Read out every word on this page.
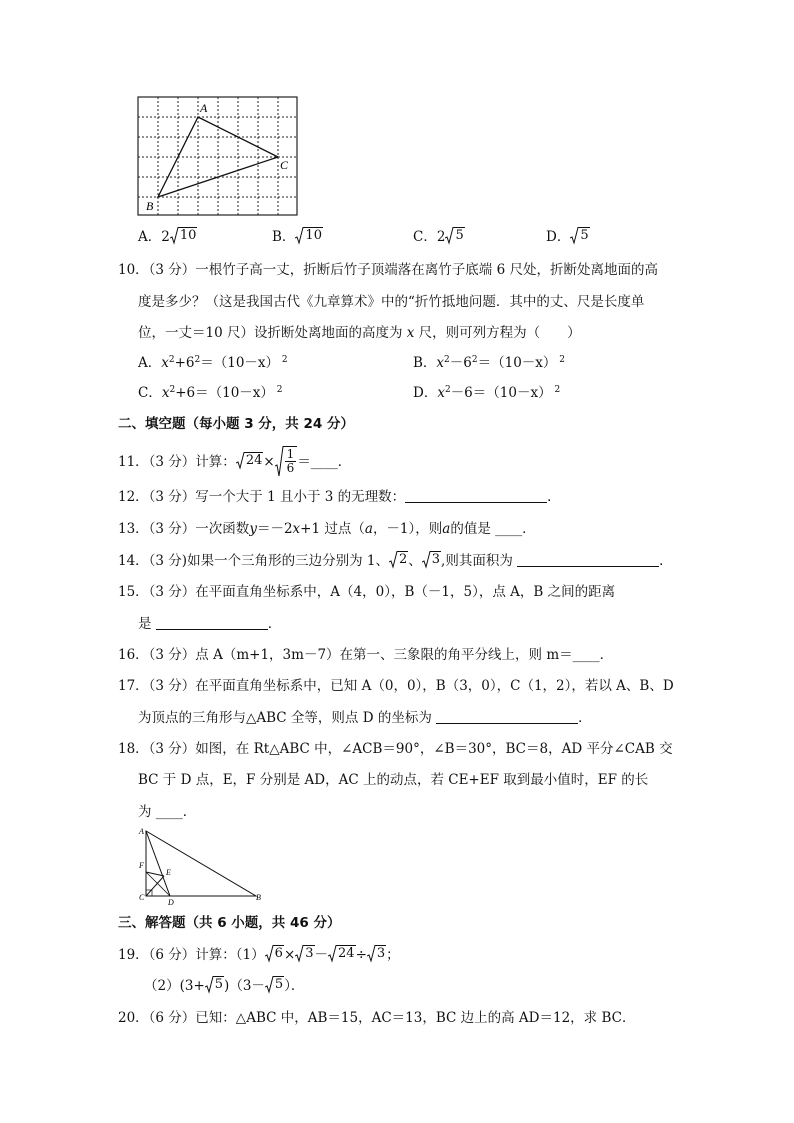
A
C
B
A．2 10	B． 10	C．2 5	D． 5
10．（3 分）一根竹子高一丈，折断后竹子顶端落在离竹子底端 6 尺处，折断处离地面的高
度是多少？（这是我国古代《九章算术》中的“折竹抵地问题．其中的丈、尺是长度单
位，一丈＝10 尺）设折断处离地面的高度为 x 尺，则可列方程为（　　）
A．$x^2+6^2=(10-x)$ $^2$	B．$x^2-6^2=(10-x)$ $^2$
C．$x^2+6=(10-x)$ $^2$	D．$x^2-6=(10-x)$ $^2$
二、填空题（每小题 3 分，共 24 分）
11．（3 分）计算： $24 \times \frac{1}{6}$ ＝____．
12．（3 分）写一个大于 1 且小于 3 的无理数：	．
13．（3 分）一次函数y＝－2x+1 过点（a，－1），则a的值是 ____．
14．（3 分)如果一个三角形的三边分别为 1、 2 、 3 ,则其面积为	．
15．（3 分）在平面直角坐标系中，A（4，0），B（－1，5），点 A，B 之间的距离
是	．
16．（3 分）点 A（m+1，3m－7）在第一、三象限的角平分线上，则 m＝____．
17．（3 分）在平面直角坐标系中，已知 A（0，0），B（3，0），C（1，2），若以 A、B、D
为顶点的三角形与△ABC 全等，则点 D 的坐标为	．
18．（3 分）如图，在 Rt△ABC 中，∠ACB＝90°，∠B＝30°，BC＝8，AD 平分∠CAB 交
BC 于 D 点，E，F 分别是 AD，AC 上的动点，若 CE+EF 取到最小值时，EF 的长
为 ____．
A
C	B
D
E
F
三、解答题（共 6 小题，共 46 分）
19．（6 分）计算：（1） 6 × 3 － 24 ÷ 3 ；
（2）(3+ 5 )（3－ 5 ）．
20．（6 分）已知：△ABC 中，AB＝15，AC＝13，BC 边上的高 AD＝12，求 BC．
